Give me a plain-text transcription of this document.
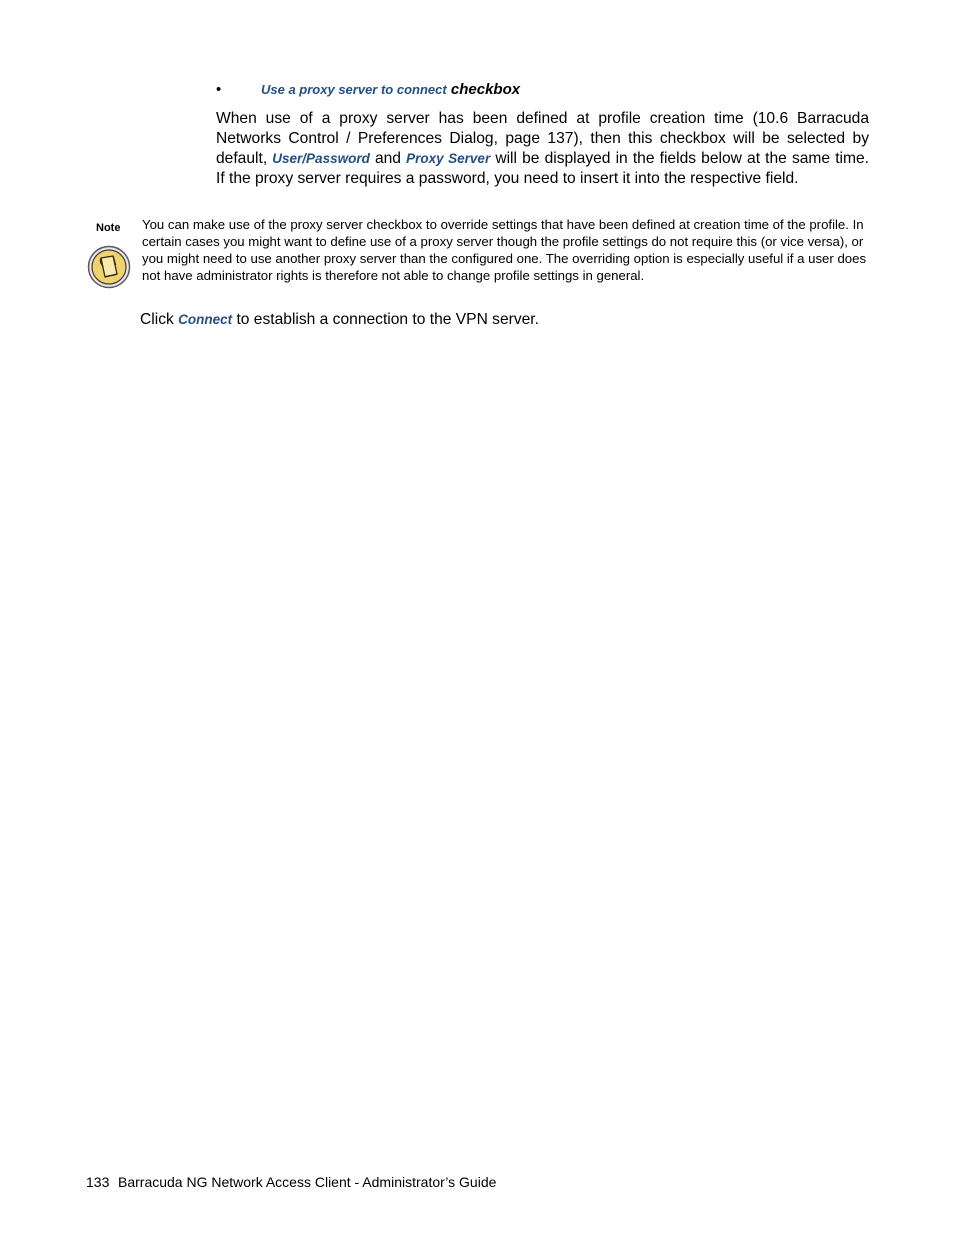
•	Use a proxy server to connect checkbox
When use of a proxy server has been defined at profile creation time (10.6 Barracuda Networks Control / Preferences Dialog, page 137), then this checkbox will be selected by default, User/Password and Proxy Server will be displayed in the fields below at the same time. If the proxy server requires a password, you need to insert it into the respective field.
Note You can make use of the proxy server checkbox to override settings that have been defined at creation time of the profile. In certain cases you might want to define use of a proxy server though the profile settings do not require this (or vice versa), or you might need to use another proxy server than the configured one. The overriding option is especially useful if a user does not have administrator rights is therefore not able to change profile settings in general.
Click Connect to establish a connection to the VPN server.
133 Barracuda NG Network Access Client - Administrator’s Guide
